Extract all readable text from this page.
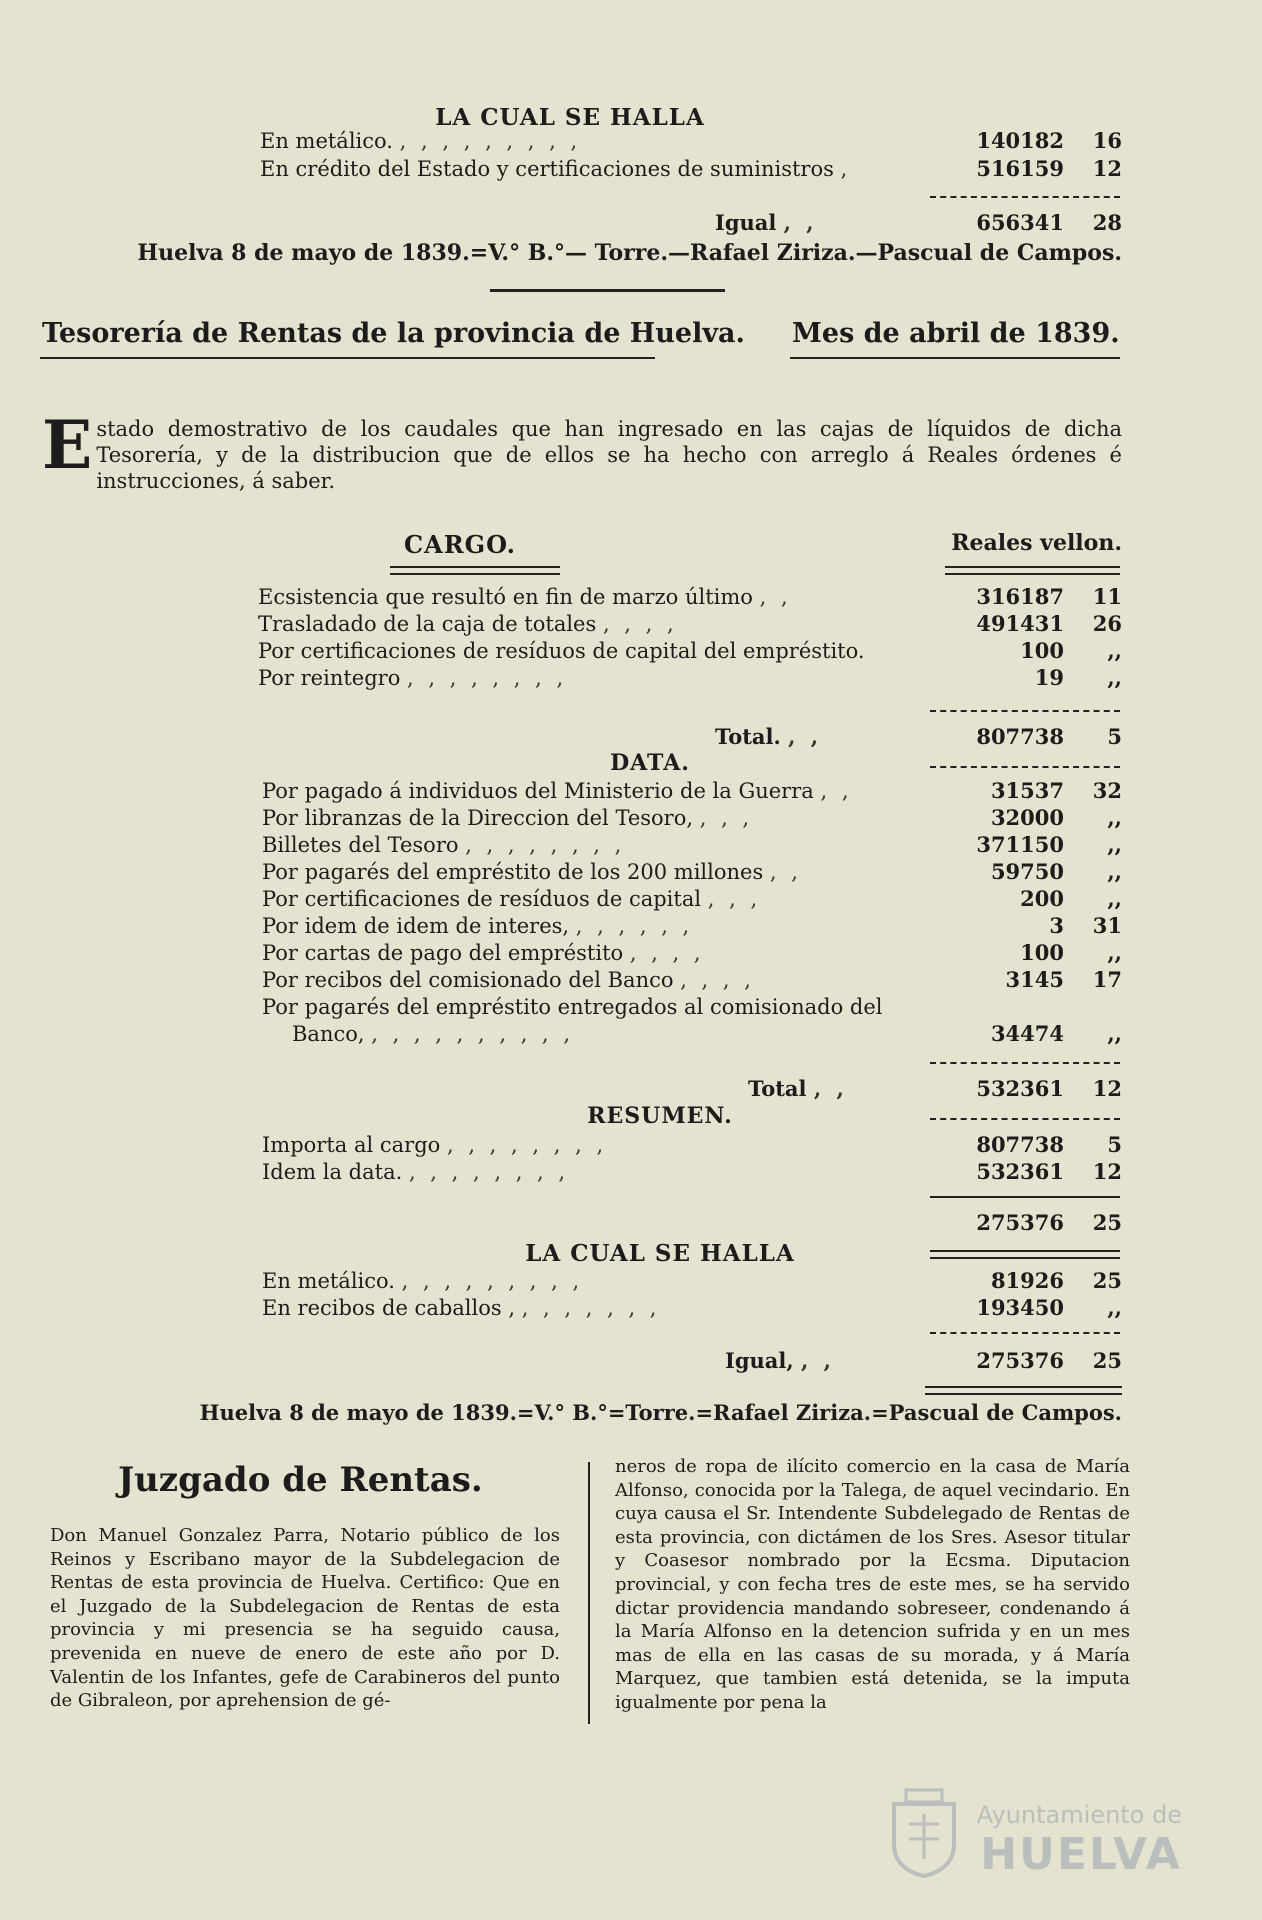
LA CUAL SE HALLA
En metálico. , , , , , , , , ,	140182	16
En crédito del Estado y certificaciones de suministros ,	516159	12
Igual , ,	656341	28
Huelva 8 de mayo de 1839.=V.° B.°— Torre.—Rafael Ziriza.—Pascual de Campos.
Tesorería de Rentas de la provincia de Huelva. Mes de abril de 1839.
Estado demostrativo de los caudales que han ingresado en las cajas de líquidos de dicha Tesorería, y de la distribucion que de ellos se ha hecho con arreglo á Reales órdenes é instrucciones, á saber.
CARGO.	Reales vellon.
Ecsistencia que resultó en fin de marzo último , ,	316187	11
Trasladado de la caja de totales , , , ,	491431	26
Por certificaciones de resíduos de capital del empréstito.	100	,,
Por reintegro , , , , , , , ,	19	,,
Total. , ,	807738	5
DATA.
Por pagado á individuos del Ministerio de la Guerra , ,	31537	32
Por libranzas de la Direccion del Tesoro, , , ,	32000	,,
Billetes del Tesoro , , , , , , , ,	371150	,,
Por pagarés del empréstito de los 200 millones , ,	59750	,,
Por certificaciones de resíduos de capital , , ,	200	,,
Por idem de idem de interes, , , , , , ,	3	31
Por cartas de pago del empréstito , , , ,	100	,,
Por recibos del comisionado del Banco , , , ,	3145	17
Por pagarés del empréstito entregados al comisionado del
Banco, , , , , , , , , , ,	34474	,,
Total , ,	532361	12
RESUMEN.
Importa al cargo , , , , , , , ,	807738	5
Idem la data. , , , , , , , ,	532361	12
275376	25
LA CUAL SE HALLA
En metálico. , , , , , , , , ,	81926	25
En recibos de caballos , , , , , , , ,	193450	,,
Igual, , ,	275376	25
Huelva 8 de mayo de 1839.=V.° B.°=Torre.=Rafael Ziriza.=Pascual de Campos.
Juzgado de Rentas.
Don Manuel Gonzalez Parra, Notario público de los Reinos y Escribano mayor de la Subdelegacion de Rentas de esta provincia de Huelva. Certifico: Que en el Juzgado de la Subdelegacion de Rentas de esta provincia y mi presencia se ha seguido causa, prevenida en nueve de enero de este año por D. Valentin de los Infantes, gefe de Carabineros del punto de Gibraleon, por aprehension de gé-
neros de ropa de ilícito comercio en la casa de María Alfonso, conocida por la Talega, de aquel vecindario. En cuya causa el Sr. Intendente Subdelegado de Rentas de esta provincia, con dictámen de los Sres. Asesor titular y Coasesor nombrado por la Ecsma. Diputacion provincial, y con fecha tres de este mes, se ha servido dictar providencia mandando sobreseer, condenando á la María Alfonso en la detencion sufrida y en un mes mas de ella en las casas de su morada, y á María Marquez, que tambien está detenida, se la imputa igualmente por pena la

Ayuntamiento de
HUELVA
